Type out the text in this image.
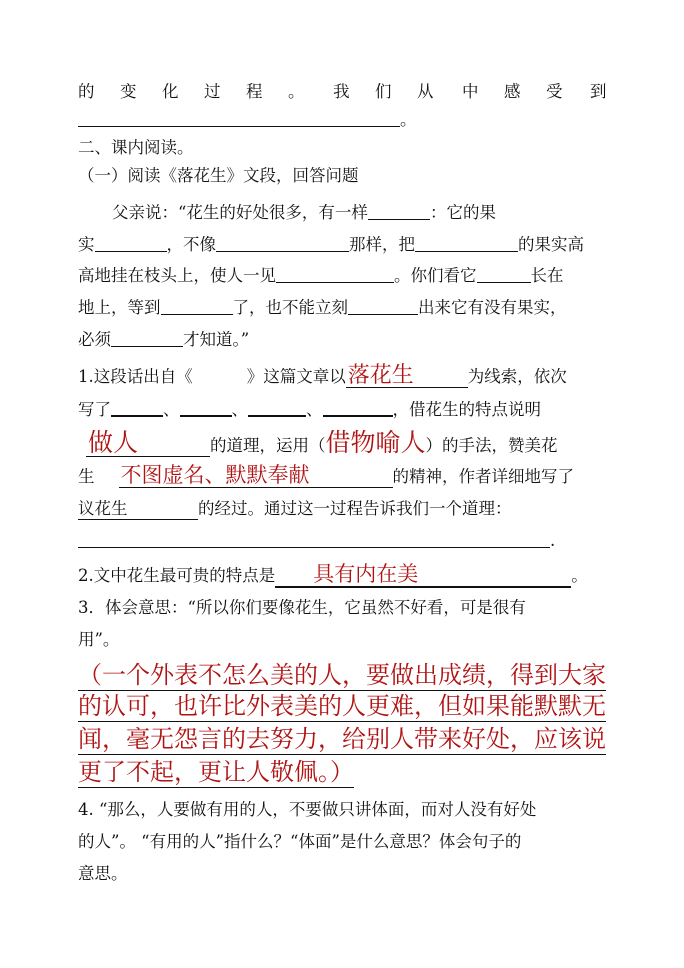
的 变 化 过 程 。 我 们 从 中 感 受 到
。
二、课内阅读。
（一）阅读《落花生》文段，回答问题
父亲说：“花生的好处很多，有一样	：它的果
实	，不像	那样，把	的果实高
高地挂在枝头上，使人一见	。你们看它	长在
地上，等到	了，也不能立刻	出来它有没有果实，
必须	才知道。”
1.这段话出自《	》这篇文章以落花生	为线索，依次
写了	、	、	、	，借花生的特点说明
做人	的道理，运用（借物喻人）的手法，赞美花
生 不图虚名、默默奉献	的精神，作者详细地写了
议花生	的经过。通过这一过程告诉我们一个道理：
.
2.文中花生最可贵的特点是 具有内在美	。
3．体会意思：“所以你们要像花生，它虽然不好看，可是很有
用”。
（一个外表不怎么美的人，要做出成绩，得到大家
的认可，也许比外表美的人更难，但如果能默默无
闻，毫无怨言的去努力，给别人带来好处，应该说
更了不起，更让人敬佩。）
4. “那么，人要做有用的人，不要做只讲体面，而对人没有好处
的人”。 “有用的人”指什么？“体面”是什么意思？体会句子的
意思。
